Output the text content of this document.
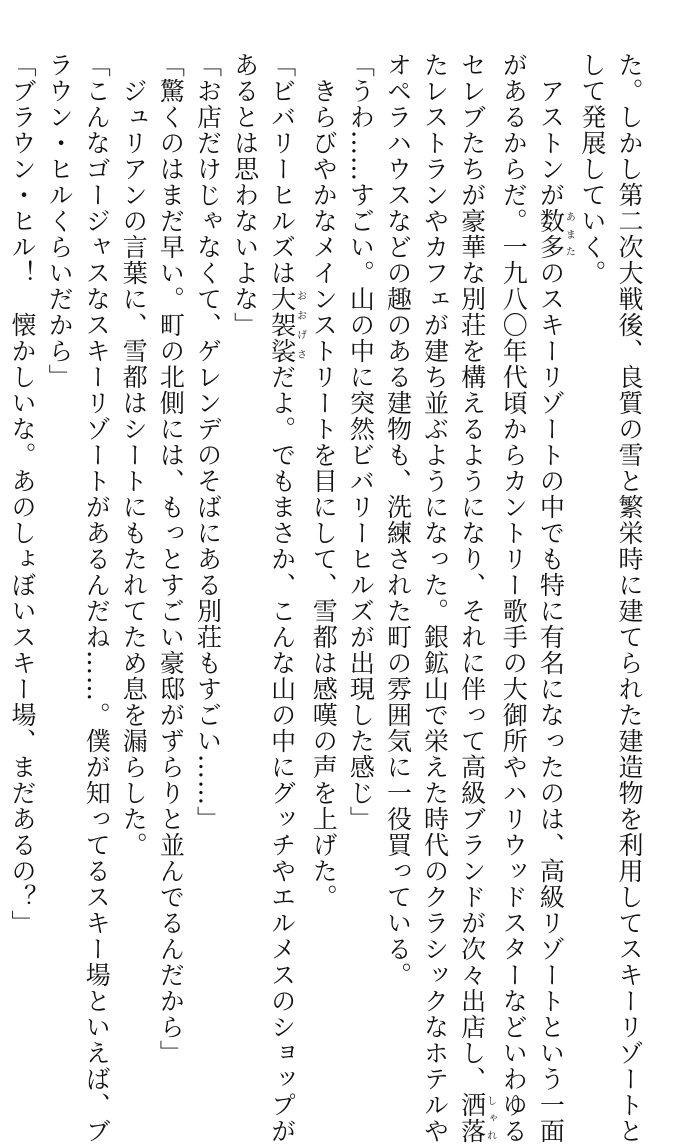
た。しかし第二次大戦後、良質の雪と繁栄時に建てられた建造物を利用してスキーリゾートと
して発展していく。
　アストンが数多あまたのスキーリゾートの中でも特に有名になったのは、高級リゾートという一面
があるからだ。一九八〇年代頃からカントリー歌手の大御所やハリウッドスターなどいわゆる
セレブたちが豪華な別荘を構えるようになり、それに伴って高級ブランドが次々出店し、洒落しゃれ
たレストランやカフェが建ち並ぶようになった。銀鉱山で栄えた時代のクラシックなホテルや
オペラハウスなどの趣のある建物も、洗練された町の雰囲気に一役買っている。
「うわ……すごい。山の中に突然ビバリーヒルズが出現した感じ」
　きらびやかなメインストリートを目にして、雪都は感嘆の声を上げた。
「ビバリーヒルズは大袈裟おおげさだよ。でもまさか、こんな山の中にグッチやエルメスのショップが
あるとは思わないよな」
「お店だけじゃなくて、ゲレンデのそばにある別荘もすごい……」
「驚くのはまだ早い。町の北側には、もっとすごい豪邸がずらりと並んでるんだから」
　ジュリアンの言葉に、雪都はシートにもたれてため息を漏らした。
「こんなゴージャスなスキーリゾートがあるんだね……。僕が知ってるスキー場といえば、ブ
ラウン・ヒルくらいだから」
「ブラウン・ヒル！　懐かしいな。あのしょぼいスキー場、まだあるの？」
